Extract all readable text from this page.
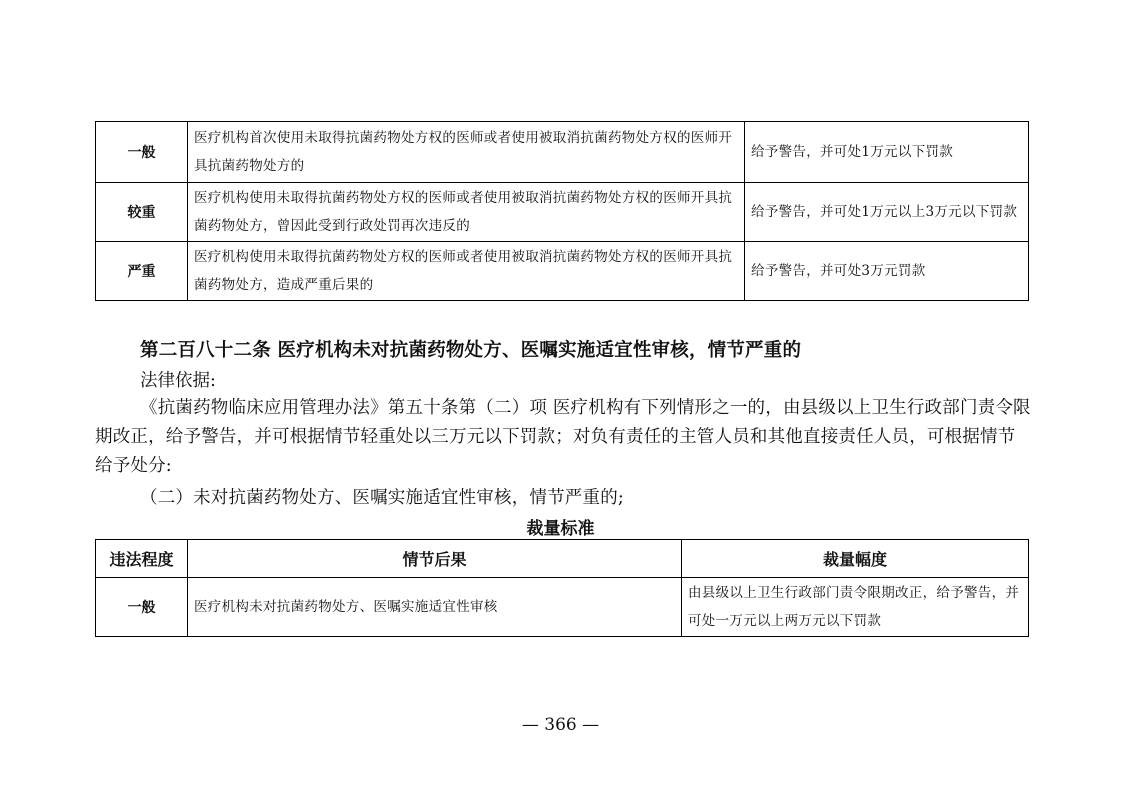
一般	医疗机构首次使用未取得抗菌药物处方权的医师或者使用被取消抗菌药物处方权的医师开具抗菌药物处方的	给予警告，并可处1万元以下罚款
较重	医疗机构使用未取得抗菌药物处方权的医师或者使用被取消抗菌药物处方权的医师开具抗菌药物处方，曾因此受到行政处罚再次违反的	给予警告，并可处1万元以上3万元以下罚款
严重	医疗机构使用未取得抗菌药物处方权的医师或者使用被取消抗菌药物处方权的医师开具抗菌药物处方，造成严重后果的	给予警告，并可处3万元罚款
第二百八十二条 医疗机构未对抗菌药物处方、医嘱实施适宜性审核，情节严重的
法律依据:

《抗菌药物临床应用管理办法》第五十条第（二）项 医疗机构有下列情形之一的，由县级以上卫生行政部门责令限期改正，给予警告，并可根据情节轻重处以三万元以下罚款；对负有责任的主管人员和其他直接责任人员，可根据情节给予处分:

（二）未对抗菌药物处方、医嘱实施适宜性审核，情节严重的;
裁量标准
违法程度	情节后果	裁量幅度
一般	医疗机构未对抗菌药物处方、医嘱实施适宜性审核	由县级以上卫生行政部门责令限期改正，给予警告，并可处一万元以上两万元以下罚款
— 366 —
